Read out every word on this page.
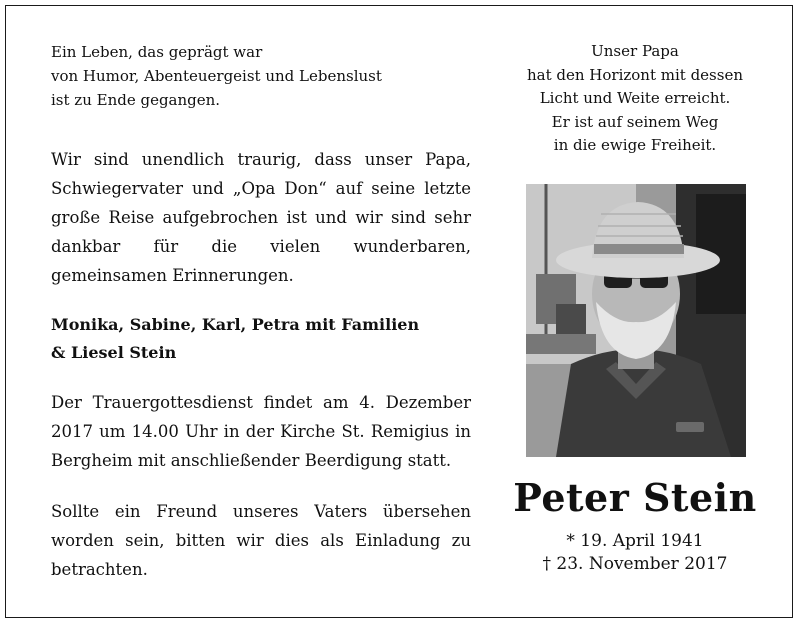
Ein Leben, das geprägt war
von Humor, Abenteuergeist und Lebenslust
ist zu Ende gegangen.

Wir sind unendlich traurig, dass unser Papa, Schwiegervater und „Opa Don“ auf seine letzte große Reise aufgebrochen ist und wir sind sehr dankbar für die vielen wunderbaren, gemeinsamen Erinnerungen.

Monika, Sabine, Karl, Petra mit Familien
& Liesel Stein

Der Trauergottesdienst findet am 4. Dezember 2017 um 14.00 Uhr in der Kirche St. Remigius in Bergheim mit anschließender Beerdigung statt.

Sollte ein Freund unseres Vaters übersehen worden sein, bitten wir dies als Einladung zu betrachten.

Unser Papa
hat den Horizont mit dessen
Licht und Weite erreicht.
Er ist auf seinem Weg
in die ewige Freiheit.

Peter Stein
* 19. April 1941
† 23. November 2017
